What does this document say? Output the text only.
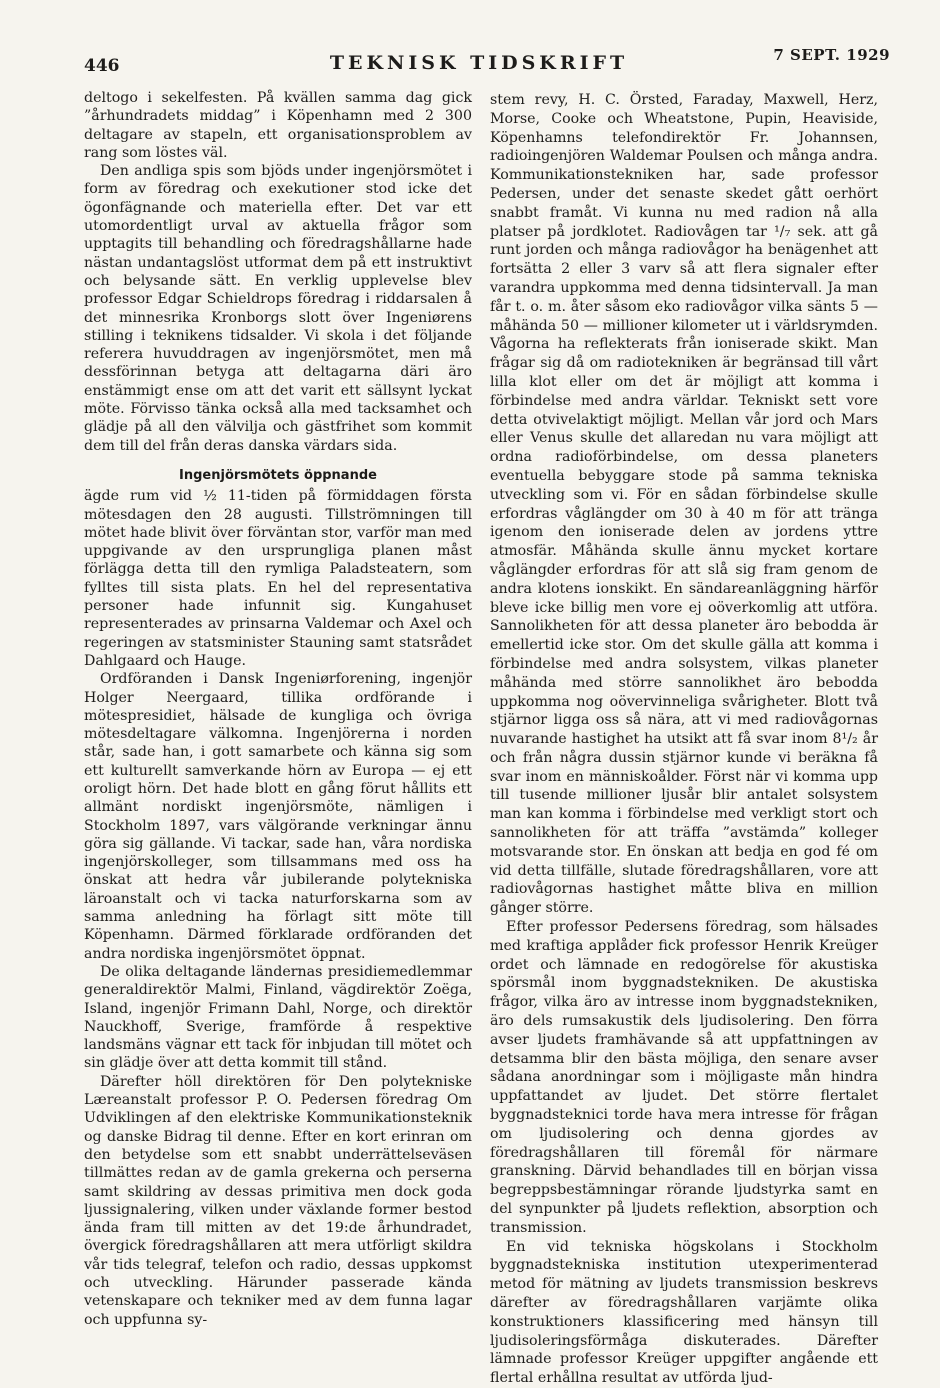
446	TEKNISK TIDSKRIFT	7 SEPT. 1929

deltogo i sekelfesten. På kvällen samma dag gick ”århundradets middag” i Köpenhamn med 2 300 deltagare av stapeln, ett organisationsproblem av rang som löstes väl.

Den andliga spis som bjöds under ingenjörsmötet i form av föredrag och exekutioner stod icke det ögonfägnande och materiella efter. Det var ett utomordentligt urval av aktuella frågor som upptagits till behandling och föredragshållarne hade nästan undantagslöst utformat dem på ett instruktivt och belysande sätt. En verklig upplevelse blev professor Edgar Schieldrops föredrag i riddarsalen å det minnesrika Kronborgs slott över Ingeniørens stilling i teknikens tidsalder. Vi skola i det följande referera huvuddragen av ingenjörsmötet, men må dessförinnan betyga att deltagarna däri äro enstämmigt ense om att det varit ett sällsynt lyckat möte. Förvisso tänka också alla med tacksamhet och glädje på all den välvilja och gästfrihet som kommit dem till del från deras danska värdars sida.

Ingenjörsmötets öppnande

ägde rum vid ½ 11-tiden på förmiddagen första mötesdagen den 28 augusti. Tillströmningen till mötet hade blivit över förväntan stor, varför man med uppgivande av den ursprungliga planen måst förlägga detta till den rymliga Paladsteatern, som fylltes till sista plats. En hel del representativa personer hade infunnit sig. Kungahuset representerades av prinsarna Valdemar och Axel och regeringen av statsminister Stauning samt statsrådet Dahlgaard och Hauge.

Ordföranden i Dansk Ingeniørforening, ingenjör Holger Neergaard, tillika ordförande i mötespresidiet, hälsade de kungliga och övriga mötesdeltagare välkomna. Ingenjörerna i norden står, sade han, i gott samarbete och känna sig som ett kulturellt samverkande hörn av Europa — ej ett oroligt hörn. Det hade blott en gång förut hållits ett allmänt nordiskt ingenjörsmöte, nämligen i Stockholm 1897, vars välgörande verkningar ännu göra sig gällande. Vi tackar, sade han, våra nordiska ingenjörskolleger, som tillsammans med oss ha önskat att hedra vår jubilerande polytekniska läroanstalt och vi tacka naturforskarna som av samma anledning ha förlagt sitt möte till Köpenhamn. Därmed förklarade ordföranden det andra nordiska ingenjörsmötet öppnat.

De olika deltagande ländernas presidiemedlemmar generaldirektör Malmi, Finland, vägdirektör Zoëga, Island, ingenjör Frimann Dahl, Norge, och direktör Nauckhoff, Sverige, framförde å respektive landsmäns vägnar ett tack för inbjudan till mötet och sin glädje över att detta kommit till stånd.

Därefter höll direktören för Den polytekniske Læreanstalt professor P. O. Pedersen föredrag Om Udviklingen af den elektriske Kommunikationsteknik og danske Bidrag til denne. Efter en kort erinran om den betydelse som ett snabbt underrättelseväsen tillmättes redan av de gamla grekerna och perserna samt skildring av dessas primitiva men dock goda ljussignalering, vilken under växlande former bestod ända fram till mitten av det 19:de århundradet, övergick föredragshållaren att mera utförligt skildra vår tids telegraf, telefon och radio, dessas uppkomst och utveckling. Härunder passerade kända vetenskapare och tekniker med av dem funna lagar och uppfunna sy-

stem revy, H. C. Örsted, Faraday, Maxwell, Herz, Morse, Cooke och Wheatstone, Pupin, Heaviside, Köpenhamns telefondirektör Fr. Johannsen, radioingenjören Waldemar Poulsen och många andra. Kommunikationstekniken har, sade professor Pedersen, under det senaste skedet gått oerhört snabbt framåt. Vi kunna nu med radion nå alla platser på jordklotet. Radiovågen tar ¹/₇ sek. att gå runt jorden och många radiovågor ha benägenhet att fortsätta 2 eller 3 varv så att flera signaler efter varandra uppkomma med denna tidsintervall. Ja man får t. o. m. åter såsom eko radiovågor vilka sänts 5 — måhända 50 — millioner kilometer ut i världsrymden. Vågorna ha reflekterats från ioniserade skikt. Man frågar sig då om radiotekniken är begränsad till vårt lilla klot eller om det är möjligt att komma i förbindelse med andra världar. Tekniskt sett vore detta otvivelaktigt möjligt. Mellan vår jord och Mars eller Venus skulle det allaredan nu vara möjligt att ordna radioförbindelse, om dessa planeters eventuella bebyggare stode på samma tekniska utveckling som vi. För en sådan förbindelse skulle erfordras våglängder om 30 à 40 m för att tränga igenom den ioniserade delen av jordens yttre atmosfär. Måhända skulle ännu mycket kortare våglängder erfordras för att slå sig fram genom de andra klotens ionskikt. En sändareanläggning härför bleve icke billig men vore ej oöverkomlig att utföra. Sannolikheten för att dessa planeter äro bebodda är emellertid icke stor. Om det skulle gälla att komma i förbindelse med andra solsystem, vilkas planeter måhända med större sannolikhet äro bebodda uppkomma nog oövervinneliga svårigheter. Blott två stjärnor ligga oss så nära, att vi med radiovågornas nuvarande hastighet ha utsikt att få svar inom 8¹/₂ år och från några dussin stjärnor kunde vi beräkna få svar inom en människoålder. Först när vi komma upp till tusende millioner ljusår blir antalet solsystem man kan komma i förbindelse med verkligt stort och sannolikheten för att träffa ”avstämda” kolleger motsvarande stor. En önskan att bedja en god fé om vid detta tillfälle, slutade föredragshållaren, vore att radiovågornas hastighet måtte bliva en million gånger större.

Efter professor Pedersens föredrag, som hälsades med kraftiga applåder fick professor Henrik Kreüger ordet och lämnade en redogörelse för akustiska spörsmål inom byggnadstekniken. De akustiska frågor, vilka äro av intresse inom byggnadstekniken, äro dels rumsakustik dels ljudisolering. Den förra avser ljudets framhävande så att uppfattningen av detsamma blir den bästa möjliga, den senare avser sådana anordningar som i möjligaste mån hindra uppfattandet av ljudet. Det större flertalet byggnadsteknici torde hava mera intresse för frågan om ljudisolering och denna gjordes av föredragshållaren till föremål för närmare granskning. Därvid behandlades till en början vissa begreppsbestämningar rörande ljudstyrka samt en del synpunkter på ljudets reflektion, absorption och transmission.

En vid tekniska högskolans i Stockholm byggnadstekniska institution utexperimenterad metod för mätning av ljudets transmission beskrevs därefter av föredragshållaren varjämte olika konstruktioners klassificering med hänsyn till ljudisoleringsförmåga diskuterades. Därefter lämnade professor Kreüger uppgifter angående ett flertal erhållna resultat av utförda ljud-
